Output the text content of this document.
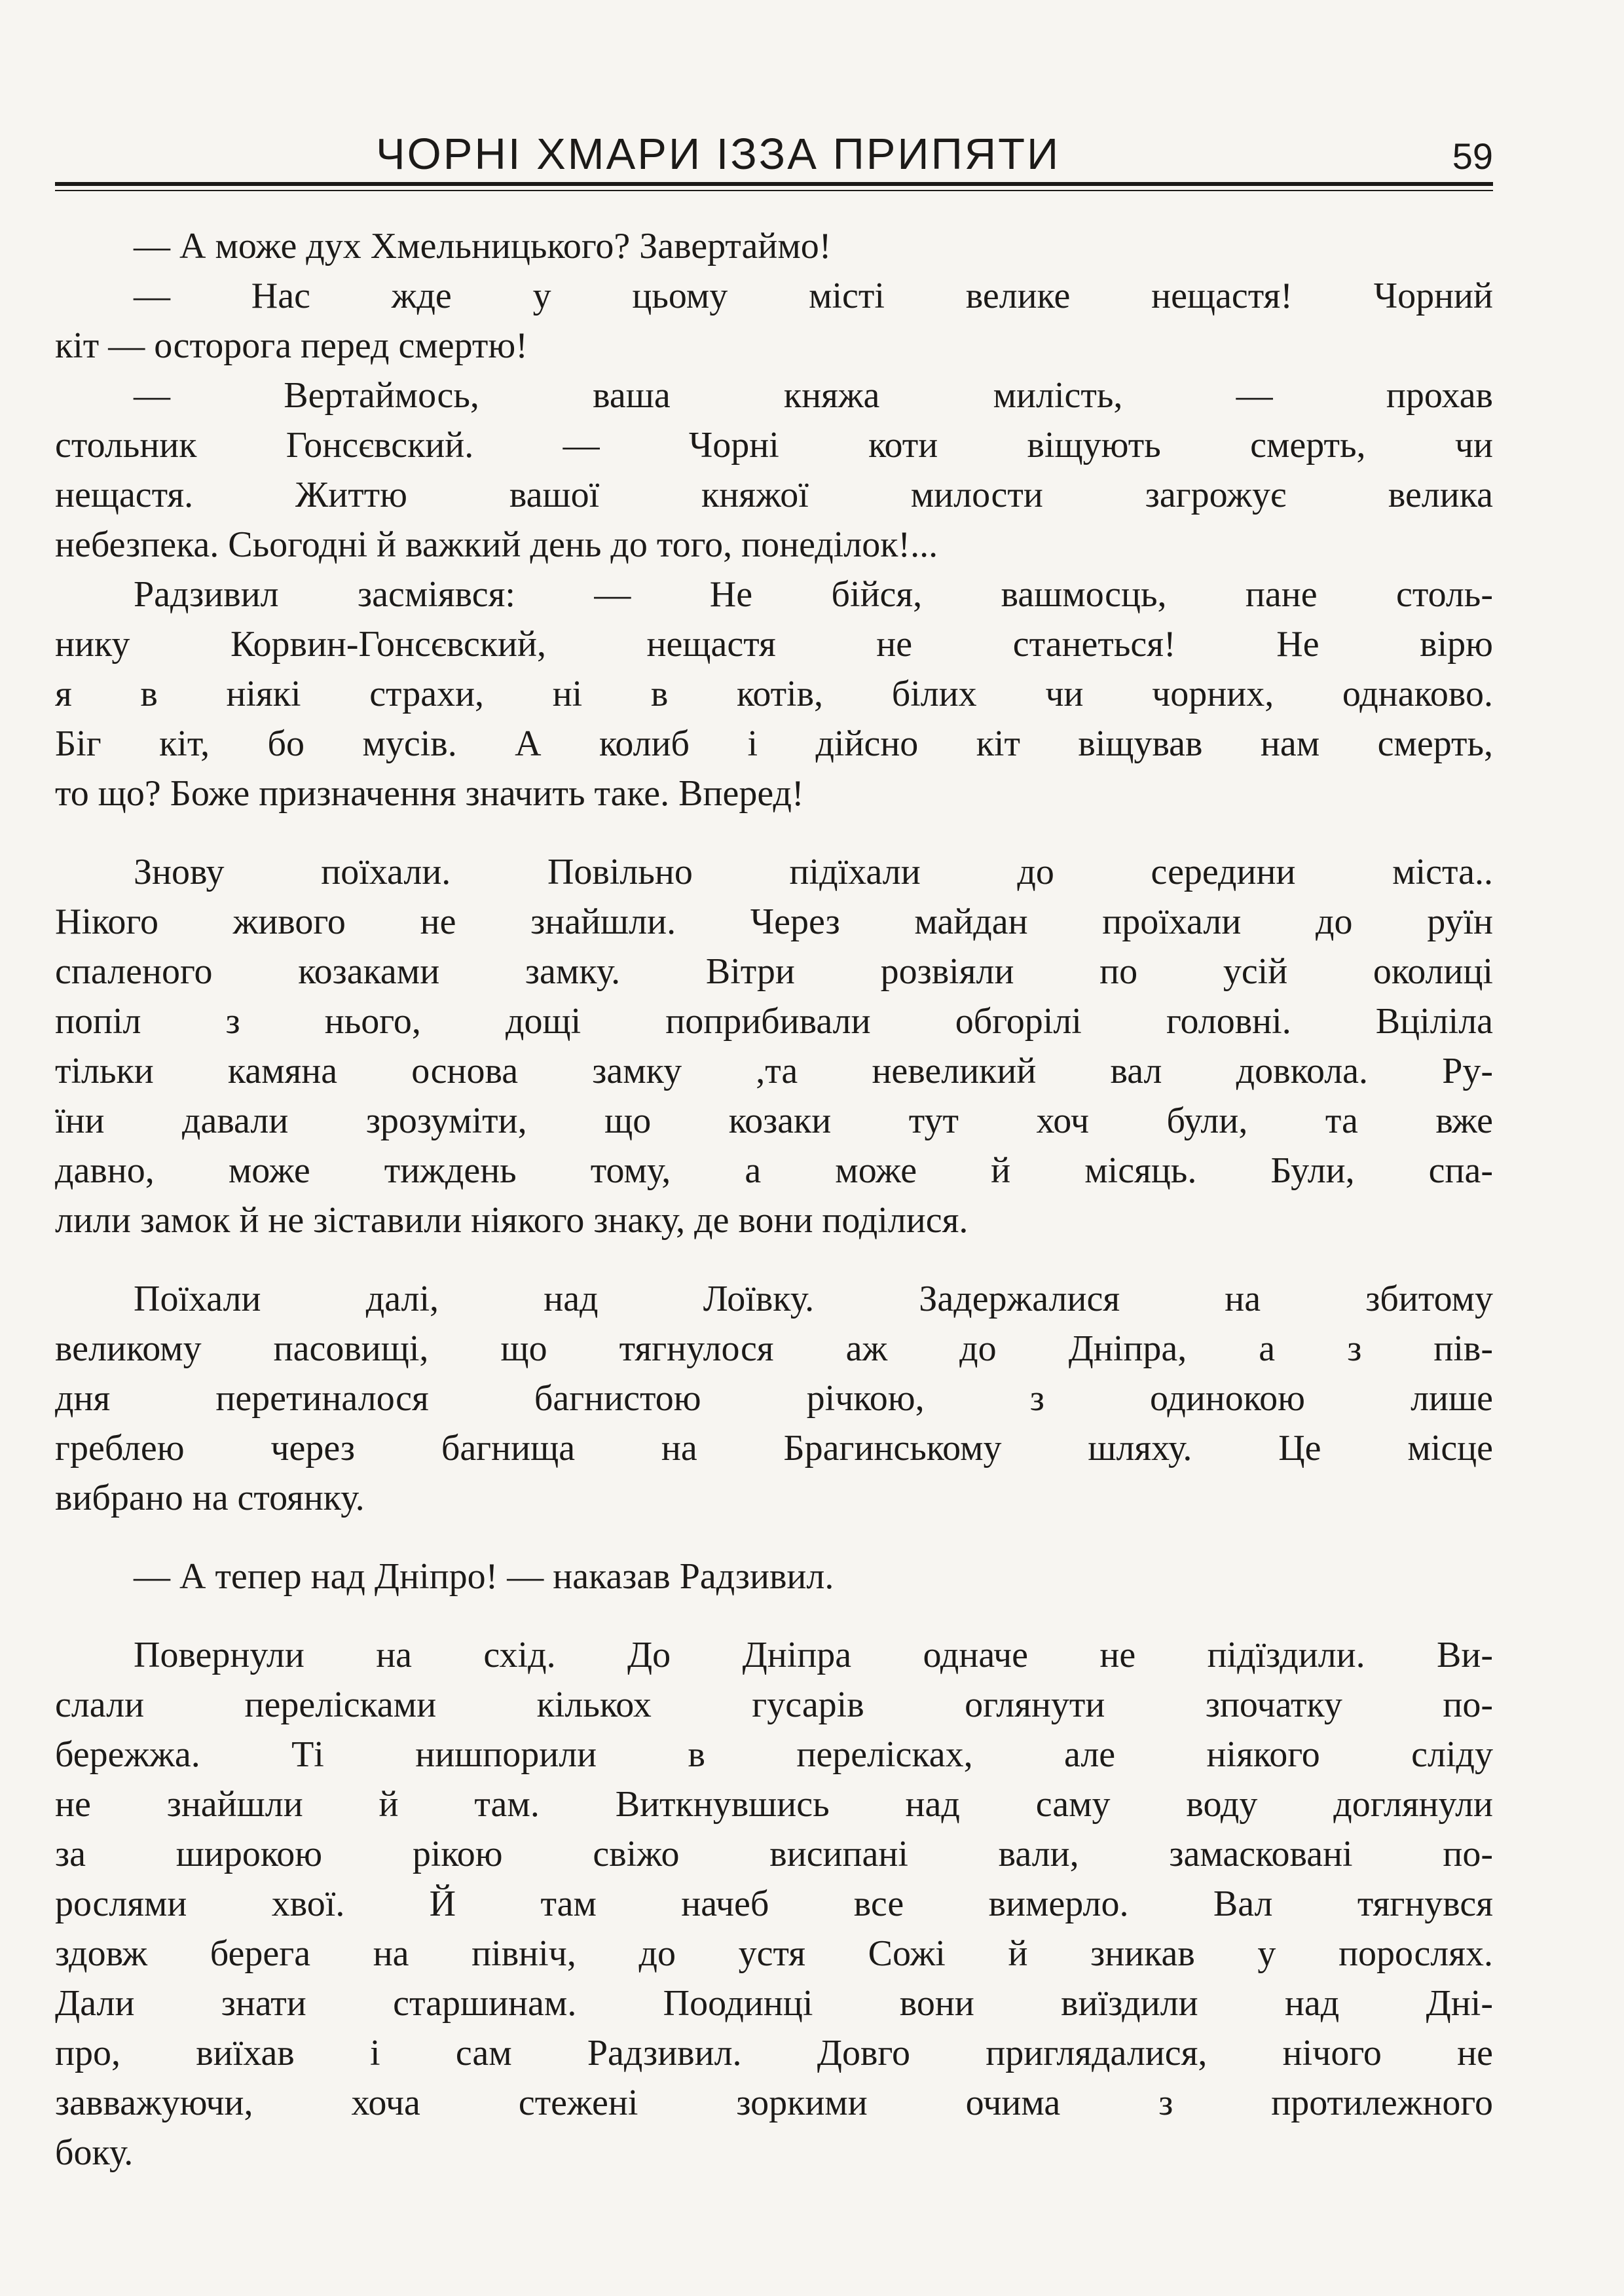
ЧОРНІ ХМАРИ ІЗЗА ПРИПЯТИ	59
— А може дух Хмельницького? Завертаймо!
— Нас жде у цьому місті велике нещастя! Чорний
кіт — осторога перед смертю!
— Вертаймось, ваша княжа милість, — прохав
стольник Гонсєвский. — Чорні коти віщують смерть, чи
нещастя. Життю вашої княжої милости загрожує велика
небезпека. Сьогодні й важкий день до того, понеділок!...
Радзивил засміявся: — Не бійся, вашмосць, пане столь-
нику Корвин-Гонсєвский, нещастя не станеться! Не вірю
я в ніякі страхи, ні в котів, білих чи чорних, однаково.
Біг кіт, бо мусів. А колиб і дійсно кіт віщував нам смерть,
то що? Боже призначення значить таке. Вперед!
Знову поїхали. Повільно підїхали до середини міста..
Нікого живого не знайшли. Через майдан проїхали до руїн
спаленого козаками замку. Вітри розвіяли по усій околиці
попіл з нього, дощі поприбивали обгорілі головні. Вціліла
тільки камяна основа замку ,та невеликий вал довкола. Ру-
їни давали зрозуміти, що козаки тут хоч були, та вже
давно, може тиждень тому, а може й місяць. Були, спа-
лили замок й не зіставили ніякого знаку, де вони поділися.
Поїхали далі, над Лоївку. Задержалися на збитому
великому пасовищі, що тягнулося аж до Дніпра, а з пів-
дня перетиналося багнистою річкою, з одинокою лише
греблею через багнища на Брагинському шляху. Це місце
вибрано на стоянку.
— А тепер над Дніпро! — наказав Радзивил.
Повернули на схід. До Дніпра одначе не підїздили. Ви-
слали перелісками кількох гусарів оглянути зпочатку по-
бережжа. Ті нишпорили в перелісках, але ніякого сліду
не знайшли й там. Виткнувшись над саму воду доглянули
за широкою рікою свіжо висипані вали, замасковані по-
рослями хвої. Й там начеб все вимерло. Вал тягнувся
здовж берега на північ, до устя Сожі й зникав у порослях.
Дали знати старшинам. Поодинці вони виїздили над Дні-
про, виїхав і сам Радзивил. Довго приглядалися, нічого не
завважуючи, хоча стежені зоркими очима з протилежного
боку.
